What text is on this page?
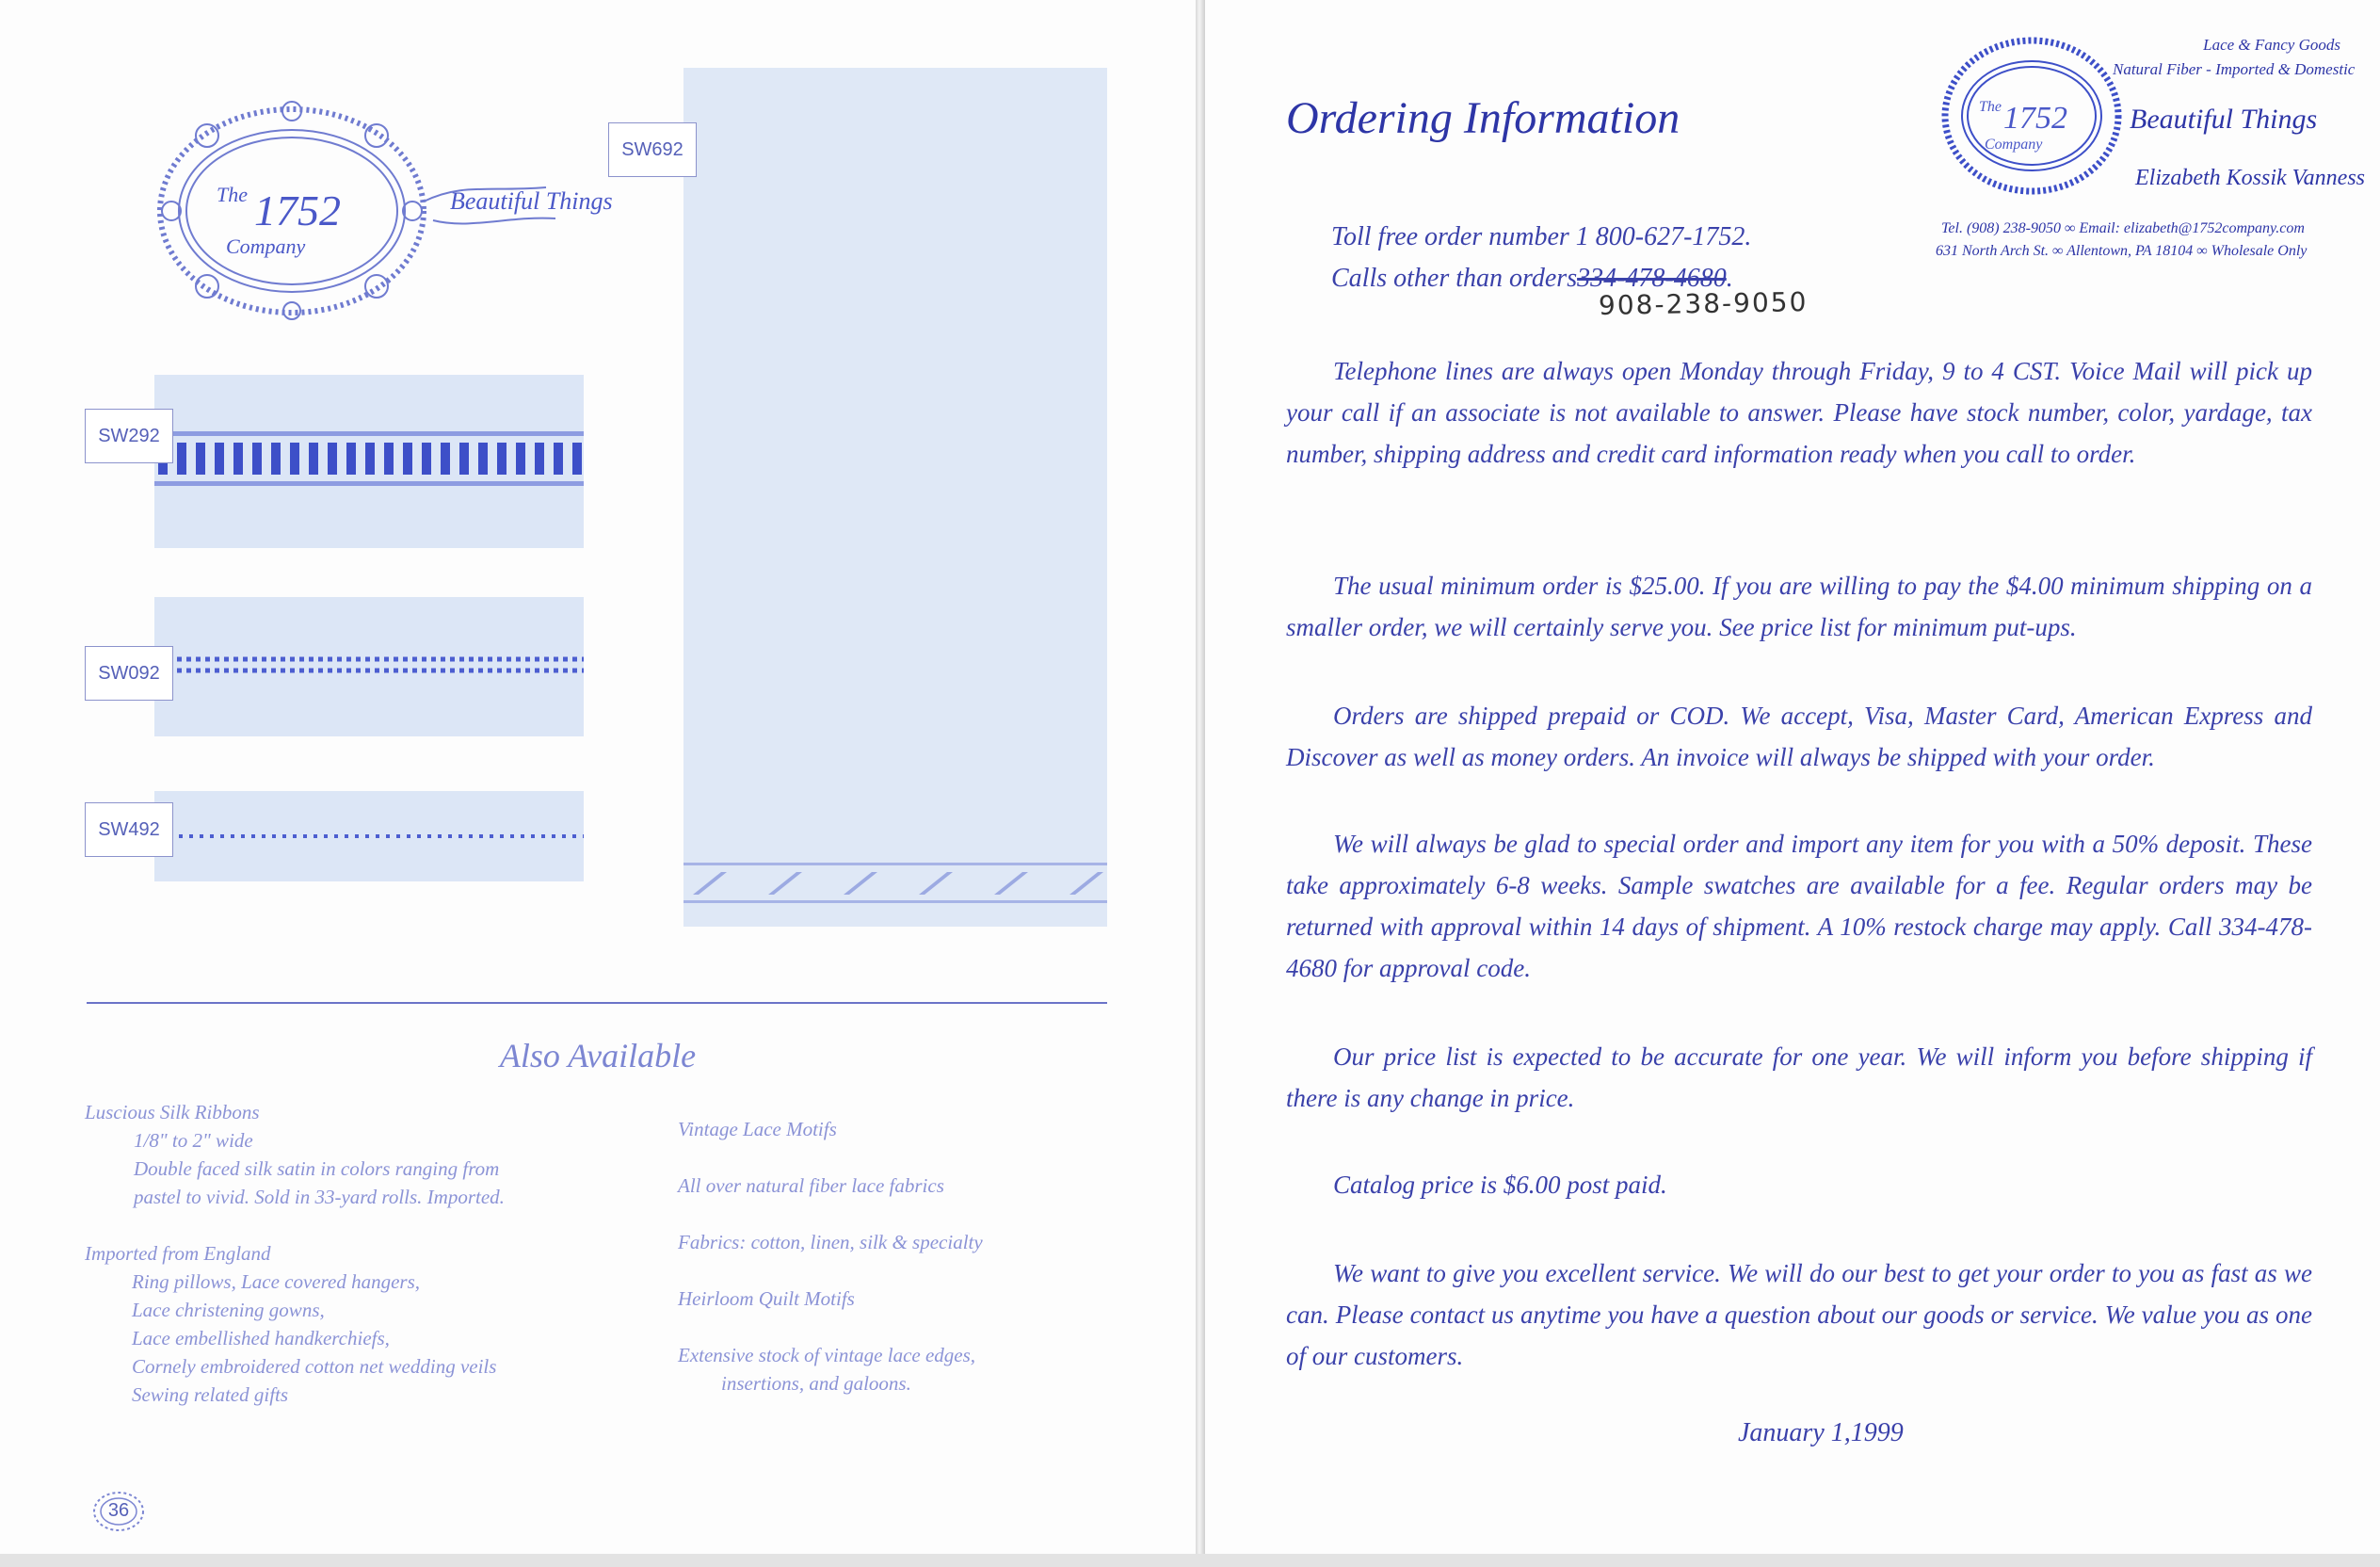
The 1752
Company
Beautiful Things
SW692
SW292
SW092
SW492
Also Available
Luscious Silk Ribbons
1/8" to 2" wide
Double faced silk satin in colors ranging from
pastel to vivid. Sold in 33-yard rolls. Imported.
Imported from England
Ring pillows, Lace covered hangers,
Lace christening gowns,
Lace embellished handkerchiefs,
Cornely embroidered cotton net wedding veils
Sewing related gifts
Vintage Lace Motifs
All over natural fiber lace fabrics
Fabrics: cotton, linen, silk & specialty
Heirloom Quilt Motifs
Extensive stock of vintage lace edges,
insertions, and galoons.
36
Ordering Information	The 1752
Company
Lace & Fancy Goods
Natural Fiber - Imported & Domestic
Beautiful Things
Elizabeth Kossik Vanness
Tel. (908) 238-9050 ∞ Email: elizabeth@1752company.com
631 North Arch St. ∞ Allentown, PA 18104 ∞ Wholesale Only
Toll free order number 1 800-627-1752.
Calls other than orders334-478-4680.
908-238-9050

Telephone lines are always open Monday through Friday, 9 to 4 CST. Voice Mail will pick up your call if an associate is not available to answer. Please have stock number, color, yardage, tax number, shipping address and credit card information ready when you call to order.

The usual minimum order is $25.00. If you are willing to pay the $4.00 minimum shipping on a smaller order, we will certainly serve you. See price list for minimum put-ups.

Orders are shipped prepaid or COD. We accept, Visa, Master Card, American Express and Discover as well as money orders. An invoice will always be shipped with your order.

We will always be glad to special order and import any item for you with a 50% deposit. These take approximately 6-8 weeks. Sample swatches are available for a fee. Regular orders may be returned with approval within 14 days of shipment. A 10% restock charge may apply. Call 334-478-4680 for approval code.

Our price list is expected to be accurate for one year. We will inform you before shipping if there is any change in price.

Catalog price is $6.00 post paid.

We want to give you excellent service. We will do our best to get your order to you as fast as we can. Please contact us anytime you have a question about our goods or service. We value you as one of our customers.

January 1,1999
